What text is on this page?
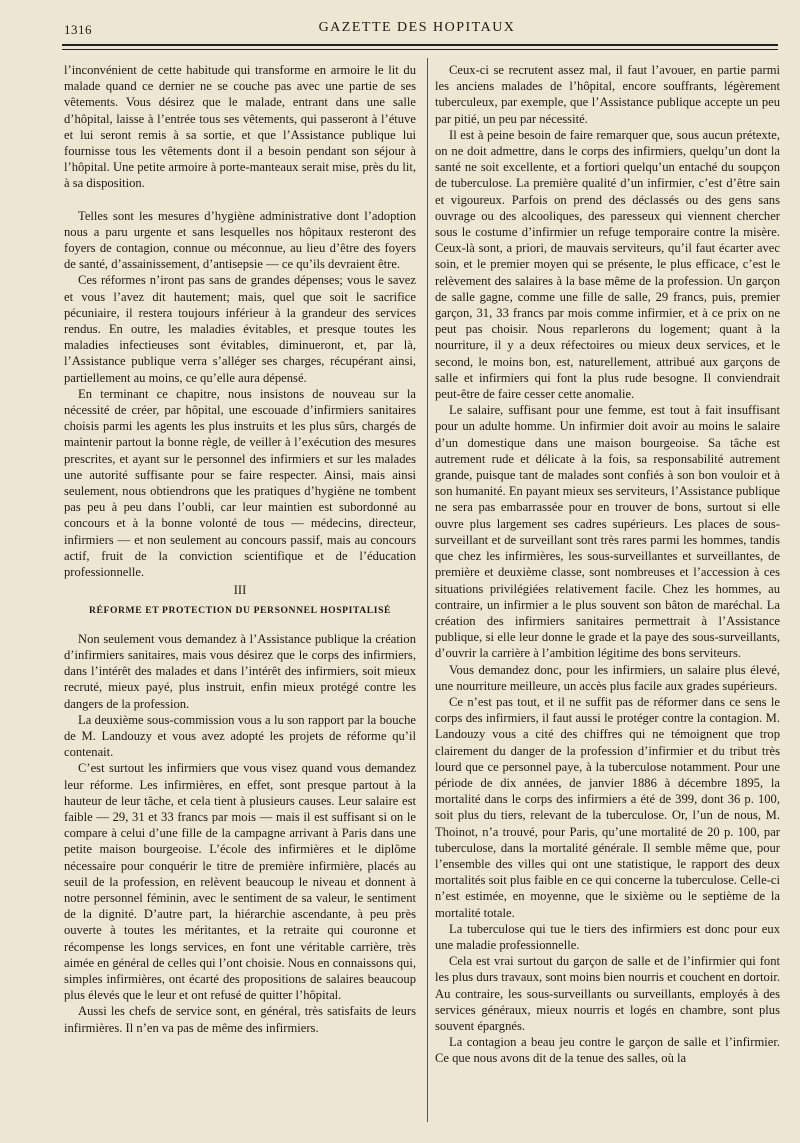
1316	GAZETTE DES HOPITAUX

l’inconvénient de cette habitude qui transforme en armoire le lit du malade quand ce dernier ne se couche pas avec une partie de ses vêtements. Vous désirez que le malade, entrant dans une salle d’hôpital, laisse à l’entrée tous ses vêtements, qui passeront à l’étuve et lui seront remis à sa sortie, et que l’Assistance publique lui fournisse tous les vêtements dont il a besoin pendant son séjour à l’hôpital. Une petite armoire à porte-manteaux serait mise, près du lit, à sa disposition.

Telles sont les mesures d’hygiène administrative dont l’adoption nous a paru urgente et sans lesquelles nos hôpitaux resteront des foyers de contagion, connue ou méconnue, au lieu d’être des foyers de santé, d’assainissement, d’antisepsie — ce qu’ils devraient être.

Ces réformes n’iront pas sans de grandes dépenses; vous le savez et vous l’avez dit hautement; mais, quel que soit le sacrifice pécuniaire, il restera toujours inférieur à la grandeur des services rendus. En outre, les maladies évitables, et presque toutes les maladies infectieuses sont évitables, diminueront, et, par là, l’Assistance publique verra s’alléger ses charges, récupérant ainsi, partiellement au moins, ce qu’elle aura dépensé.

En terminant ce chapitre, nous insistons de nouveau sur la nécessité de créer, par hôpital, une escouade d’infirmiers sanitaires choisis parmi les agents les plus instruits et les plus sûrs, chargés de maintenir partout la bonne règle, de veiller à l’exécution des mesures prescrites, et ayant sur le personnel des infirmiers et sur les malades une autorité suffisante pour se faire respecter. Ainsi, mais ainsi seulement, nous obtiendrons que les pratiques d’hygiène ne tombent pas peu à peu dans l’oubli, car leur maintien est subordonné au concours et à la bonne volonté de tous — médecins, directeur, infirmiers — et non seulement au concours passif, mais au concours actif, fruit de la conviction scientifique et de l’éducation professionnelle.

III
RÉFORME ET PROTECTION DU PERSONNEL HOSPITALISÉ

Non seulement vous demandez à l’Assistance publique la création d’infirmiers sanitaires, mais vous désirez que le corps des infirmiers, dans l’intérêt des malades et dans l’intérêt des infirmiers, soit mieux recruté, mieux payé, plus instruit, enfin mieux protégé contre les dangers de la profession.

La deuxième sous-commission vous a lu son rapport par la bouche de M. Landouzy et vous avez adopté les projets de réforme qu’il contenait.

C’est surtout les infirmiers que vous visez quand vous demandez leur réforme. Les infirmières, en effet, sont presque partout à la hauteur de leur tâche, et cela tient à plusieurs causes. Leur salaire est faible — 29, 31 et 33 francs par mois — mais il est suffisant si on le compare à celui d’une fille de la campagne arrivant à Paris dans une petite maison bourgeoise. L’école des infirmières et le diplôme nécessaire pour conquérir le titre de première infirmière, placés au seuil de la profession, en relèvent beaucoup le niveau et donnent à notre personnel féminin, avec le sentiment de sa valeur, le sentiment de la dignité. D’autre part, la hiérarchie ascendante, à peu près ouverte à toutes les méritantes, et la retraite qui couronne et récompense les longs services, en font une véritable carrière, très aimée en général de celles qui l’ont choisie. Nous en connaissons qui, simples infirmières, ont écarté des propositions de salaires beaucoup plus élevés que le leur et ont refusé de quitter l’hôpital.

Aussi les chefs de service sont, en général, très satisfaits de leurs infirmières. Il n’en va pas de même des infirmiers.

Ceux-ci se recrutent assez mal, il faut l’avouer, en partie parmi les anciens malades de l’hôpital, encore souffrants, légèrement tuberculeux, par exemple, que l’Assistance publique accepte un peu par pitié, un peu par nécessité.

Il est à peine besoin de faire remarquer que, sous aucun prétexte, on ne doit admettre, dans le corps des infirmiers, quelqu’un dont la santé ne soit excellente, et a fortiori quelqu’un entaché du soupçon de tuberculose. La première qualité d’un infirmier, c’est d’être sain et vigoureux. Parfois on prend des déclassés ou des gens sans ouvrage ou des alcooliques, des paresseux qui viennent chercher sous le costume d’infirmier un refuge temporaire contre la misère. Ceux-là sont, a priori, de mauvais serviteurs, qu’il faut écarter avec soin, et le premier moyen qui se présente, le plus efficace, c’est le relèvement des salaires à la base même de la profession. Un garçon de salle gagne, comme une fille de salle, 29 francs, puis, premier garçon, 31, 33 francs par mois comme infirmier, et à ce prix on ne peut pas choisir. Nous reparlerons du logement; quant à la nourriture, il y a deux réfectoires ou mieux deux services, et le second, le moins bon, est, naturellement, attribué aux garçons de salle et infirmiers qui font la plus rude besogne. Il conviendrait peut-être de faire cesser cette anomalie.

Le salaire, suffisant pour une femme, est tout à fait insuffisant pour un adulte homme. Un infirmier doit avoir au moins le salaire d’un domestique dans une maison bourgeoise. Sa tâche est autrement rude et délicate à la fois, sa responsabilité autrement grande, puisque tant de malades sont confiés à son bon vouloir et à son humanité. En payant mieux ses serviteurs, l’Assistance publique ne sera pas embarrassée pour en trouver de bons, surtout si elle ouvre plus largement ses cadres supérieurs. Les places de sous-surveillant et de surveillant sont très rares parmi les hommes, tandis que chez les infirmières, les sous-surveillantes et surveillantes, de première et deuxième classe, sont nombreuses et l’accession à ces situations privilégiées relativement facile. Chez les hommes, au contraire, un infirmier a le plus souvent son bâton de maréchal. La création des infirmiers sanitaires permettrait à l’Assistance publique, si elle leur donne le grade et la paye des sous-surveillants, d’ouvrir la carrière à l’ambition légitime des bons serviteurs.

Vous demandez donc, pour les infirmiers, un salaire plus élevé, une nourriture meilleure, un accès plus facile aux grades supérieurs.

Ce n’est pas tout, et il ne suffit pas de réformer dans ce sens le corps des infirmiers, il faut aussi le protéger contre la contagion. M. Landouzy vous a cité des chiffres qui ne témoignent que trop clairement du danger de la profession d’infirmier et du tribut très lourd que ce personnel paye, à la tuberculose notamment. Pour une période de dix années, de janvier 1886 à décembre 1895, la mortalité dans le corps des infirmiers a été de 399, dont 36 p. 100, soit plus du tiers, relevant de la tuberculose. Or, l’un de nous, M. Thoinot, n’a trouvé, pour Paris, qu’une mortalité de 20 p. 100, par tuberculose, dans la mortalité générale. Il semble même que, pour l’ensemble des villes qui ont une statistique, le rapport des deux mortalités soit plus faible en ce qui concerne la tuberculose. Celle-ci n’est estimée, en moyenne, que le sixième ou le septième de la mortalité totale.

La tuberculose qui tue le tiers des infirmiers est donc pour eux une maladie professionnelle.

Cela est vrai surtout du garçon de salle et de l’infirmier qui font les plus durs travaux, sont moins bien nourris et couchent en dortoir. Au contraire, les sous-surveillants ou surveillants, employés à des services généraux, mieux nourris et logés en chambre, sont plus souvent épargnés.

La contagion a beau jeu contre le garçon de salle et l’infirmier. Ce que nous avons dit de la tenue des salles, où la
